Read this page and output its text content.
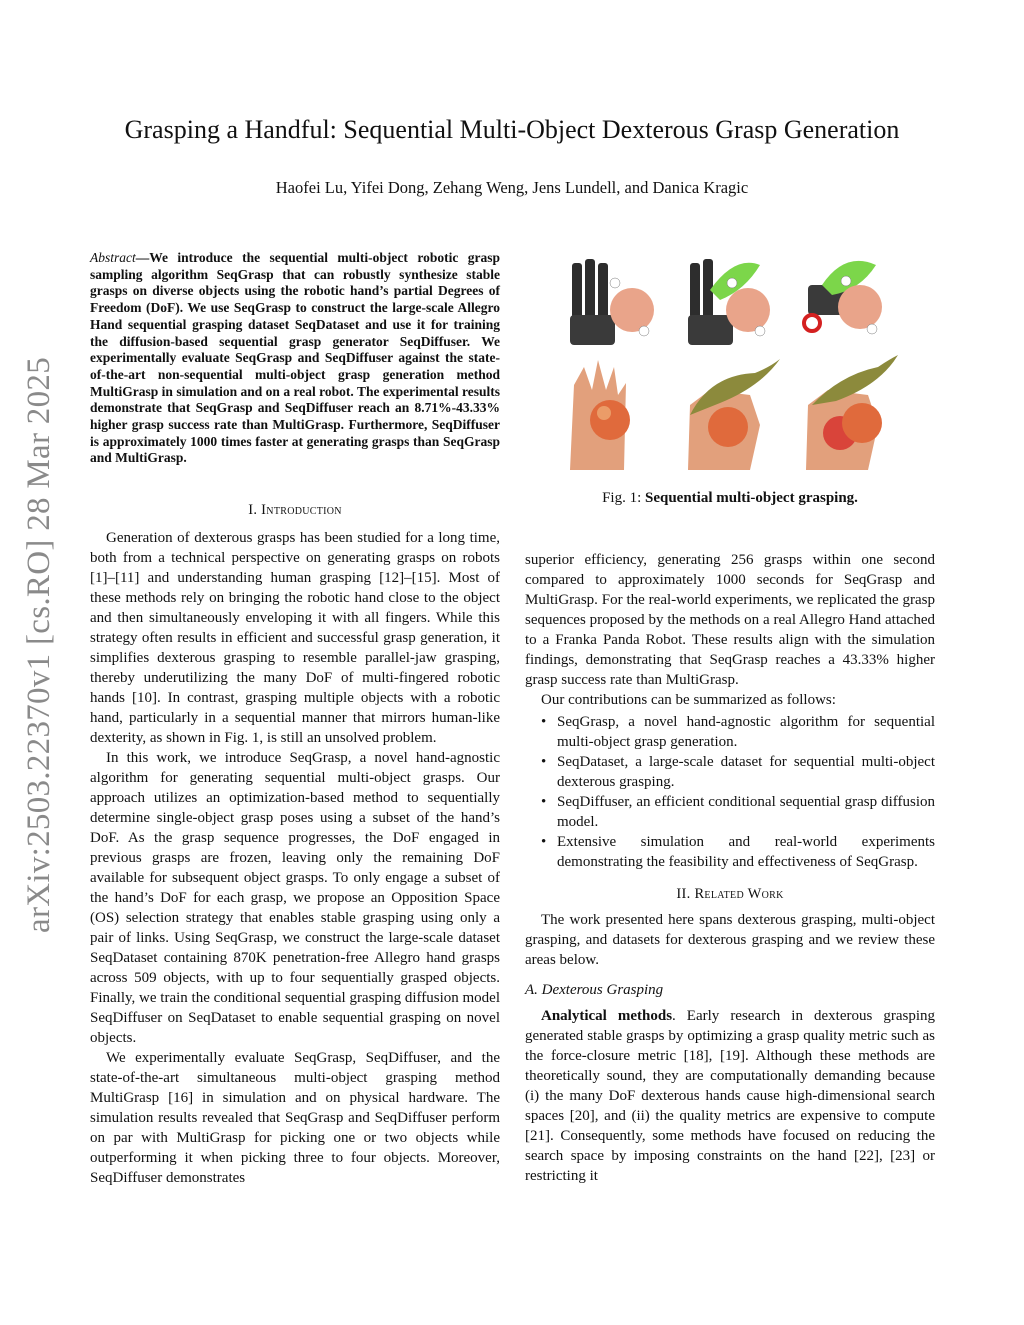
arXiv:2503.22370v1 [cs.RO] 28 Mar 2025
Grasping a Handful: Sequential Multi-Object Dexterous Grasp Generation
Haofei Lu, Yifei Dong, Zehang Weng, Jens Lundell, and Danica Kragic

Abstract—We introduce the sequential multi-object robotic grasp sampling algorithm SeqGrasp that can robustly synthesize stable grasps on diverse objects using the robotic hand’s partial Degrees of Freedom (DoF). We use SeqGrasp to construct the large-scale Allegro Hand sequential grasping dataset SeqDataset and use it for training the diffusion-based sequential grasp generator SeqDiffuser. We experimentally evaluate SeqGrasp and SeqDiffuser against the state-of-the-art non-sequential multi-object grasp generation method MultiGrasp in simulation and on a real robot. The experimental results demonstrate that SeqGrasp and SeqDiffuser reach an 8.71%-43.33% higher grasp success rate than MultiGrasp. Furthermore, SeqDiffuser is approximately 1000 times faster at generating grasps than SeqGrasp and MultiGrasp.

I. Introduction

Generation of dexterous grasps has been studied for a long time, both from a technical perspective on generating grasps on robots [1]–[11] and understanding human grasping [12]–[15]. Most of these methods rely on bringing the robotic hand close to the object and then simultaneously enveloping it with all fingers. While this strategy often results in efficient and successful grasp generation, it simplifies dexterous grasping to resemble parallel-jaw grasping, thereby underutilizing the many DoF of multi-fingered robotic hands [10]. In contrast, grasping multiple objects with a robotic hand, particularly in a sequential manner that mirrors human-like dexterity, as shown in Fig. 1, is still an unsolved problem.

In this work, we introduce SeqGrasp, a novel hand-agnostic algorithm for generating sequential multi-object grasps. Our approach utilizes an optimization-based method to sequentially determine single-object grasp poses using a subset of the hand’s DoF. As the grasp sequence progresses, the DoF engaged in previous grasps are frozen, leaving only the remaining DoF available for subsequent object grasps. To only engage a subset of the hand’s DoF for each grasp, we propose an Opposition Space (OS) selection strategy that enables stable grasping using only a pair of links. Using SeqGrasp, we construct the large-scale dataset SeqDataset containing 870K penetration-free Allegro hand grasps across 509 objects, with up to four sequentially grasped objects. Finally, we train the conditional sequential grasping diffusion model SeqDiffuser on SeqDataset to enable sequential grasping on novel objects.

We experimentally evaluate SeqGrasp, SeqDiffuser, and the state-of-the-art simultaneous multi-object grasping method MultiGrasp [16] in simulation and on physical hardware. The simulation results revealed that SeqGrasp and SeqDiffuser perform on par with MultiGrasp for picking one or two objects while outperforming it when picking three to four objects. Moreover, SeqDiffuser demonstrates

Fig. 1: Sequential multi-object grasping.

superior efficiency, generating 256 grasps within one second compared to approximately 1000 seconds for SeqGrasp and MultiGrasp. For the real-world experiments, we replicated the grasp sequences proposed by the methods on a real Allegro Hand attached to a Franka Panda Robot. These results align with the simulation findings, demonstrating that SeqGrasp reaches a 43.33% higher grasp success rate than MultiGrasp.

Our contributions can be summarized as follows:

• SeqGrasp, a novel hand-agnostic algorithm for sequential multi-object grasp generation.
• SeqDataset, a large-scale dataset for sequential multi-object dexterous grasping.
• SeqDiffuser, an efficient conditional sequential grasp diffusion model.
• Extensive simulation and real-world experiments demonstrating the feasibility and effectiveness of SeqGrasp.
II. Related Work

The work presented here spans dexterous grasping, multi-object grasping, and datasets for dexterous grasping and we review these areas below.

A. Dexterous Grasping

Analytical methods. Early research in dexterous grasping generated stable grasps by optimizing a grasp quality metric such as the force-closure metric [18], [19]. Although these methods are theoretically sound, they are computationally demanding because (i) the many DoF dexterous hands cause high-dimensional search spaces [20], and (ii) the quality metrics are expensive to compute [21]. Consequently, some methods have focused on reducing the search space by imposing constraints on the hand [22], [23] or restricting it
